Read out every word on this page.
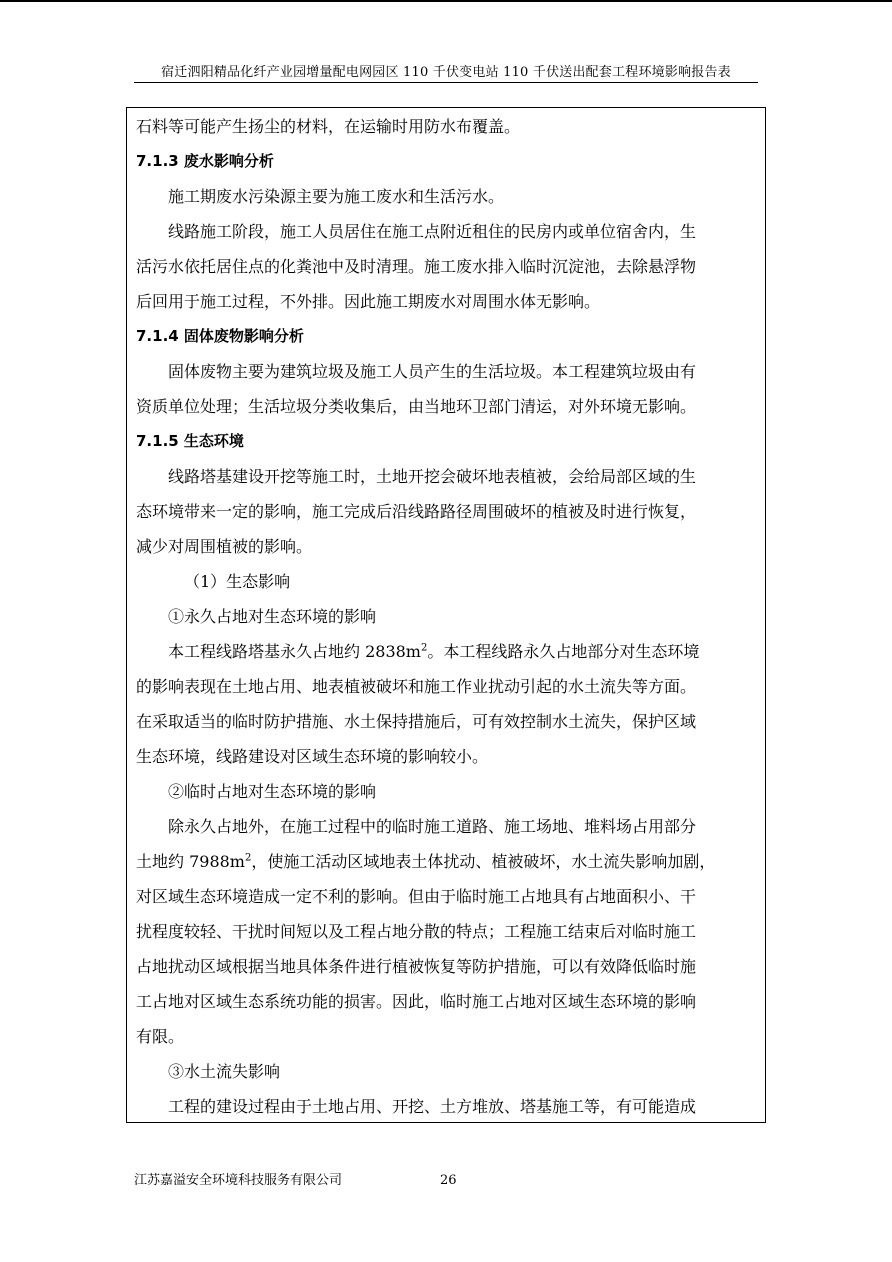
宿迁泗阳精品化纤产业园增量配电网园区 110 千伏变电站 110 千伏送出配套工程环境影响报告表
石料等可能产生扬尘的材料，在运输时用防水布覆盖。
7.1.3 废水影响分析
施工期废水污染源主要为施工废水和生活污水。
线路施工阶段，施工人员居住在施工点附近租住的民房内或单位宿舍内，生
活污水依托居住点的化粪池中及时清理。施工废水排入临时沉淀池，去除悬浮物
后回用于施工过程，不外排。因此施工期废水对周围水体无影响。
7.1.4 固体废物影响分析
固体废物主要为建筑垃圾及施工人员产生的生活垃圾。本工程建筑垃圾由有
资质单位处理；生活垃圾分类收集后，由当地环卫部门清运，对外环境无影响。
7.1.5 生态环境
线路塔基建设开挖等施工时，土地开挖会破坏地表植被，会给局部区域的生
态环境带来一定的影响，施工完成后沿线路路径周围破坏的植被及时进行恢复，
减少对周围植被的影响。
（1）生态影响
①永久占地对生态环境的影响
本工程线路塔基永久占地约 $2838m^2$。本工程线路永久占地部分对生态环境
的影响表现在土地占用、地表植被破坏和施工作业扰动引起的水土流失等方面。
在采取适当的临时防护措施、水土保持措施后，可有效控制水土流失，保护区域
生态环境，线路建设对区域生态环境的影响较小。
②临时占地对生态环境的影响
除永久占地外，在施工过程中的临时施工道路、施工场地、堆料场占用部分
土地约 $7988m^2$，使施工活动区域地表土体扰动、植被破坏，水土流失影响加剧，
对区域生态环境造成一定不利的影响。但由于临时施工占地具有占地面积小、干
扰程度较轻、干扰时间短以及工程占地分散的特点；工程施工结束后对临时施工
占地扰动区域根据当地具体条件进行植被恢复等防护措施，可以有效降低临时施
工占地对区域生态系统功能的损害。因此，临时施工占地对区域生态环境的影响
有限。
③水土流失影响
工程的建设过程由于土地占用、开挖、土方堆放、塔基施工等，有可能造成
江苏嘉溢安全环境科技服务有限公司	26
